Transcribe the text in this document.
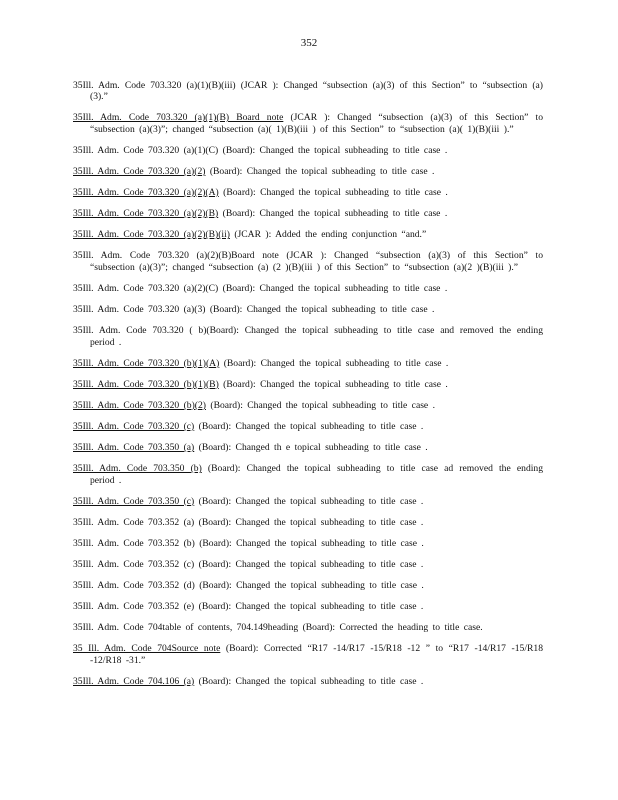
352

35Ill. Adm. Code 703.320 (a)(1)(B)(iii) (JCAR ): Changed “subsection (a)(3) of this Section” to “subsection (a)(3).”

35Ill. Adm. Code 703.320 (a)(1)(B) Board note (JCAR ): Changed “subsection (a)(3) of this Section” to “subsection (a)(3)”; changed “subsection (a)( 1)(B)(iii ) of this Section” to “subsection (a)( 1)(B)(iii ).”

35Ill. Adm. Code 703.320 (a)(1)(C) (Board): Changed the topical subheading to title case .

35Ill. Adm. Code 703.320 (a)(2) (Board): Changed the topical subheading to title case .

35Ill. Adm. Code 703.320 (a)(2)(A) (Board): Changed the topical subheading to title case .

35Ill. Adm. Code 703.320 (a)(2)(B) (Board): Changed the topical subheading to title case .

35Ill. Adm. Code 703.320 (a)(2)(B)(ii) (JCAR ): Added the ending conjunction “and.”

35Ill. Adm. Code 703.320 (a)(2)(B)Board note (JCAR ): Changed “subsection (a)(3) of this Section” to “subsection (a)(3)”; changed “subsection (a) (2 )(B)(iii ) of this Section” to “subsection (a)(2 )(B)(iii ).”

35Ill. Adm. Code 703.320 (a)(2)(C) (Board): Changed the topical subheading to title case .

35Ill. Adm. Code 703.320 (a)(3) (Board): Changed the topical subheading to title case .

35Ill. Adm. Code 703.320 ( b)(Board): Changed the topical subheading to title case and removed the ending period .

35Ill. Adm. Code 703.320 (b)(1)(A) (Board): Changed the topical subheading to title case .

35Ill. Adm. Code 703.320 (b)(1)(B) (Board): Changed the topical subheading to title case .

35Ill. Adm. Code 703.320 (b)(2) (Board): Changed the topical subheading to title case .

35Ill. Adm. Code 703.320 (c) (Board): Changed the topical subheading to title case .

35Ill. Adm. Code 703.350 (a) (Board): Changed th e topical subheading to title case .

35Ill. Adm. Code 703.350 (b) (Board): Changed the topical subheading to title case ad removed the ending period .

35Ill. Adm. Code 703.350 (c) (Board): Changed the topical subheading to title case .

35Ill. Adm. Code 703.352 (a) (Board): Changed the topical subheading to title case .

35Ill. Adm. Code 703.352 (b) (Board): Changed the topical subheading to title case .

35Ill. Adm. Code 703.352 (c) (Board): Changed the topical subheading to title case .

35Ill. Adm. Code 703.352 (d) (Board): Changed the topical subheading to title case .

35Ill. Adm. Code 703.352 (e) (Board): Changed the topical subheading to title case .

35Ill. Adm. Code 704table of contents, 704.149heading (Board): Corrected the heading to title case.

35 Ill. Adm. Code 704Source note (Board): Corrected “R17 -14/R17 -15/R18 -12 ” to “R17 -14/R17 -15/R18 -12/R18 -31.”

35Ill. Adm. Code 704.106 (a) (Board): Changed the topical subheading to title case .
